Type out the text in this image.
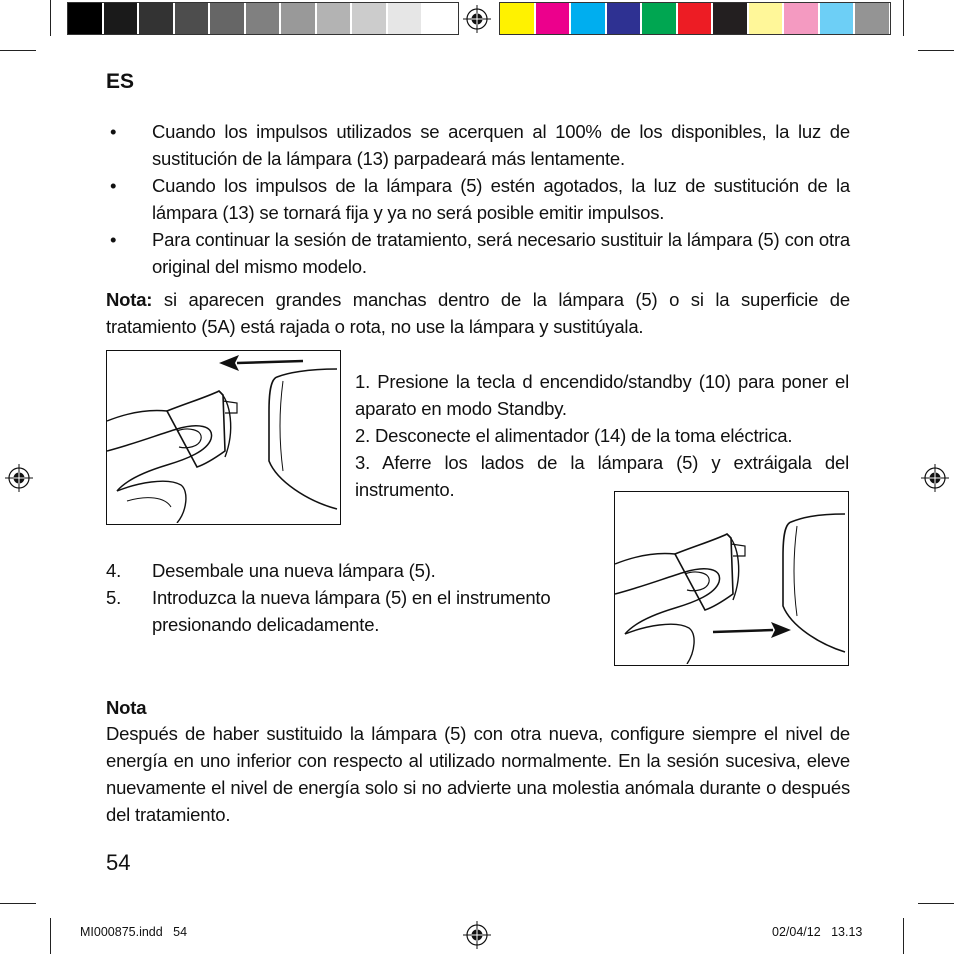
ES
• Cuando los impulsos utilizados se acerquen al 100% de los disponibles, la luz de sustitución de la lámpara (13) parpadeará más lentamente.
• Cuando los impulsos de la lámpara (5) estén agotados, la luz de sustitución de la lámpara (13) se tornará fija y ya no será posible emitir impulsos.
• Para continuar la sesión de tratamiento, será necesario sustituir la lámpara (5) con otra original del mismo modelo.
Nota: si aparecen grandes manchas dentro de la lámpara (5) o si la superficie de tratamiento (5A) está rajada o rota, no use la lámpara y sustitúyala.
1. Presione la tecla d encendido/standby (10) para poner el aparato en modo Standby.
2. Desconecte el alimentador (14) de la toma eléctrica.
3. Aferre los lados de la lámpara (5) y extráigala del instrumento.
4. Desembale una nueva lámpara (5).
5. Introduzca la nueva lámpara (5) en el instrumento presionando delicadamente.
Nota
Después de haber sustituido la lámpara (5) con otra nueva, configure siempre el nivel de energía en uno inferior con respecto al utilizado normalmente. En la sesión sucesiva, eleve nuevamente el nivel de energía solo si no advierte una molestia anómala durante o después del tratamiento.
54
MI000875.indd   54	02/04/12   13.13
